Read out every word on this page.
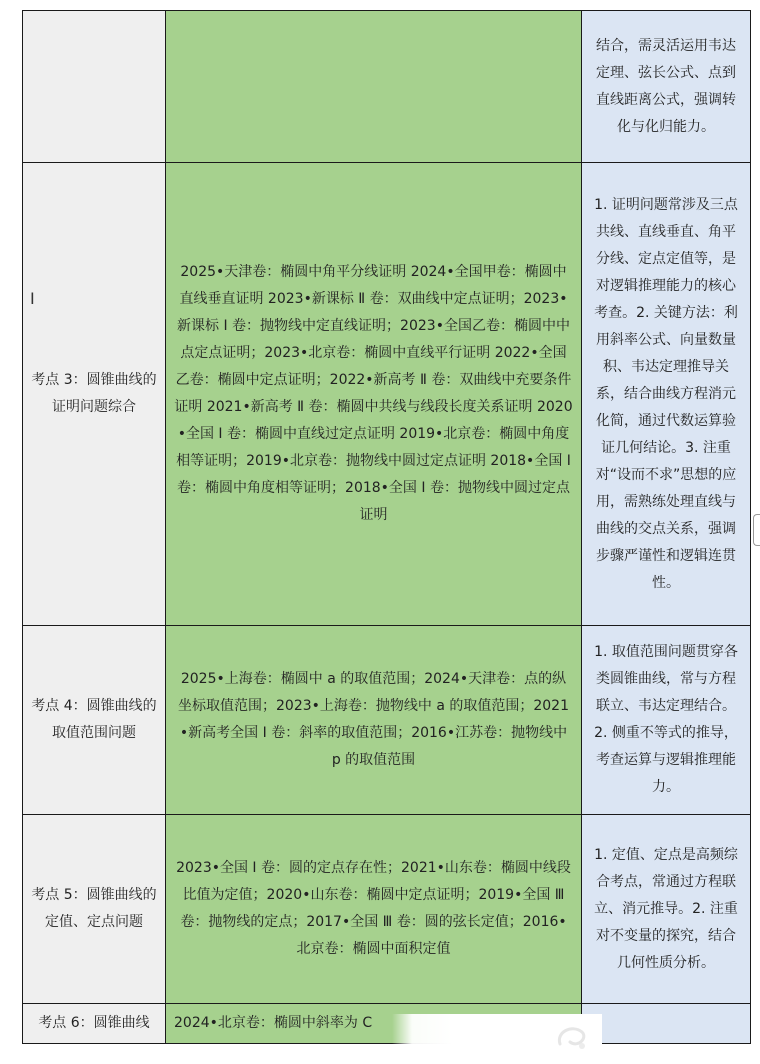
		结合，需灵活运用韦达定理、弦长公式、点到直线距离公式，强调转化与化归能力。
考点 3：圆锥曲线的证明问题综合	2025•天津卷：椭圆中角平分线证明 2024•全国甲卷：椭圆中直线垂直证明 2023•新课标 Ⅱ 卷：双曲线中定点证明；2023•新课标 Ⅰ 卷：抛物线中定直线证明；2023•全国乙卷：椭圆中中点定点证明；2023•北京卷：椭圆中直线平行证明 2022•全国乙卷：椭圆中定点证明；2022•新高考 Ⅱ 卷：双曲线中充要条件证明 2021•新高考 Ⅱ 卷：椭圆中共线与线段长度关系证明 2020•全国 Ⅰ 卷：椭圆中直线过定点证明 2019•北京卷：椭圆中角度相等证明；2019•北京卷：抛物线中圆过定点证明 2018•全国 Ⅰ 卷：椭圆中角度相等证明；2018•全国 Ⅰ 卷：抛物线中圆过定点证明	1. 证明问题常涉及三点共线、直线垂直、角平分线、定点定值等，是对逻辑推理能力的核心考查。2. 关键方法：利用斜率公式、向量数量积、韦达定理推导关系，结合曲线方程消元化简，通过代数运算验证几何结论。3. 注重对“设而不求”思想的应用，需熟练处理直线与曲线的交点关系，强调步骤严谨性和逻辑连贯性。
考点 4：圆锥曲线的取值范围问题	2025•上海卷：椭圆中 a 的取值范围；2024•天津卷：点的纵坐标取值范围；2023•上海卷：抛物线中 a 的取值范围；2021•新高考全国 Ⅰ 卷：斜率的取值范围；2016•江苏卷：抛物线中 p 的取值范围	1. 取值范围问题贯穿各类圆锥曲线，常与方程联立、韦达定理结合。2. 侧重不等式的推导，考查运算与逻辑推理能力。
考点 5：圆锥曲线的定值、定点问题	2023•全国 Ⅰ 卷：圆的定点存在性；2021•山东卷：椭圆中线段比值为定值；2020•山东卷：椭圆中定点证明；2019•全国 Ⅲ 卷：抛物线的定点；2017•全国 Ⅲ 卷：圆的弦长定值；2016•北京卷：椭圆中面积定值	1. 定值、定点是高频综合考点，常通过方程联立、消元推导。2. 注重对不变量的探究，结合几何性质分析。
考点 6：圆锥曲线	2024•北京卷：椭圆中斜率为 C	
I
